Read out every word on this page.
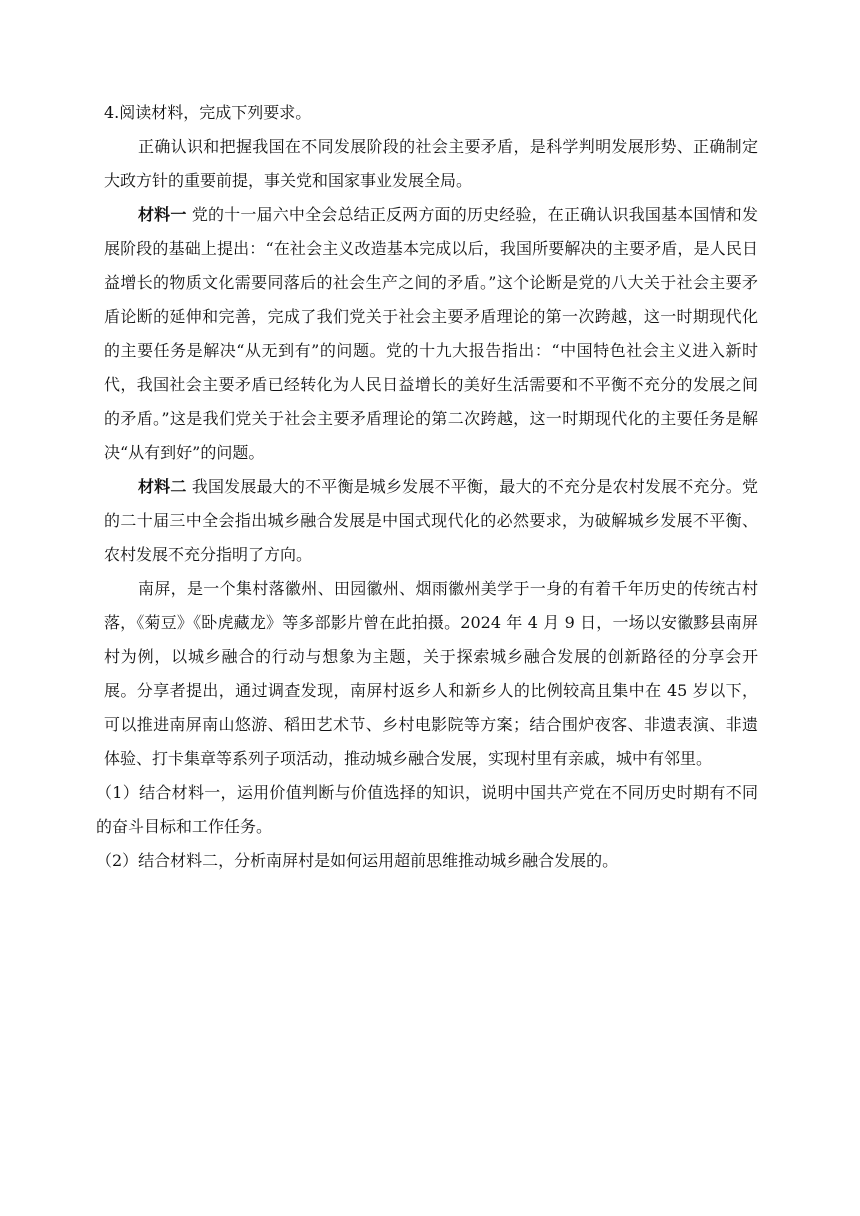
4.阅读材料，完成下列要求。

正确认识和把握我国在不同发展阶段的社会主要矛盾，是科学判明发展形势、正确制定大政方针的重要前提，事关党和国家事业发展全局。

材料一 党的十一届六中全会总结正反两方面的历史经验，在正确认识我国基本国情和发展阶段的基础上提出：“在社会主义改造基本完成以后，我国所要解决的主要矛盾，是人民日益增长的物质文化需要同落后的社会生产之间的矛盾。”这个论断是党的八大关于社会主要矛盾论断的延伸和完善，完成了我们党关于社会主要矛盾理论的第一次跨越，这一时期现代化的主要任务是解决“从无到有”的问题。党的十九大报告指出：“中国特色社会主义进入新时代，我国社会主要矛盾已经转化为人民日益增长的美好生活需要和不平衡不充分的发展之间的矛盾。”这是我们党关于社会主要矛盾理论的第二次跨越，这一时期现代化的主要任务是解决“从有到好”的问题。

材料二 我国发展最大的不平衡是城乡发展不平衡，最大的不充分是农村发展不充分。党的二十届三中全会指出城乡融合发展是中国式现代化的必然要求，为破解城乡发展不平衡、农村发展不充分指明了方向。

南屏，是一个集村落徽州、田园徽州、烟雨徽州美学于一身的有着千年历史的传统古村落，《菊豆》《卧虎藏龙》等多部影片曾在此拍摄。2024 年 4 月 9 日，一场以安徽黟县南屏村为例，以城乡融合的行动与想象为主题，关于探索城乡融合发展的创新路径的分享会开展。分享者提出，通过调查发现，南屏村返乡人和新乡人的比例较高且集中在 45 岁以下，可以推进南屏南山悠游、稻田艺术节、乡村电影院等方案；结合围炉夜客、非遗表演、非遗体验、打卡集章等系列子项活动，推动城乡融合发展，实现村里有亲戚，城中有邻里。

（1）结合材料一，运用价值判断与价值选择的知识，说明中国共产党在不同历史时期有不同的奋斗目标和工作任务。

（2）结合材料二，分析南屏村是如何运用超前思维推动城乡融合发展的。
